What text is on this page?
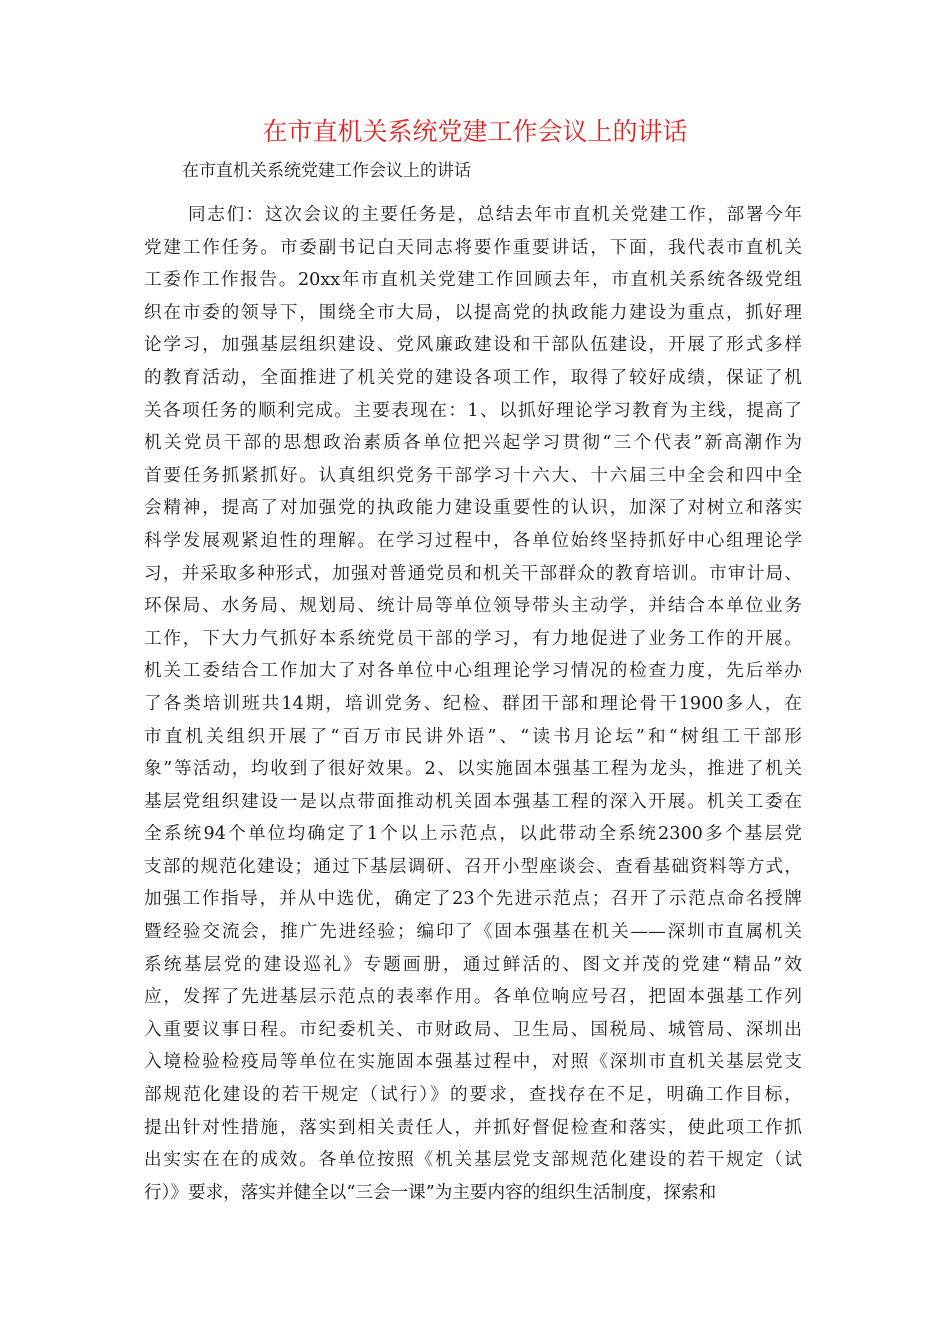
在市直机关系统党建工作会议上的讲话

在市直机关系统党建工作会议上的讲话

同志们：这次会议的主要任务是，总结去年市直机关党建工作，部署今年
党建工作任务。市委副书记白天同志将要作重要讲话，下面，我代表市直机关
工委作工作报告。20xx年市直机关党建工作回顾去年，市直机关系统各级党组
织在市委的领导下，围绕全市大局，以提高党的执政能力建设为重点，抓好理
论学习，加强基层组织建设、党风廉政建设和干部队伍建设，开展了形式多样
的教育活动，全面推进了机关党的建设各项工作，取得了较好成绩，保证了机
关各项任务的顺利完成。主要表现在：1、以抓好理论学习教育为主线，提高了
机关党员干部的思想政治素质各单位把兴起学习贯彻“三个代表”新高潮作为
首要任务抓紧抓好。认真组织党务干部学习十六大、十六届三中全会和四中全
会精神，提高了对加强党的执政能力建设重要性的认识，加深了对树立和落实
科学发展观紧迫性的理解。在学习过程中，各单位始终坚持抓好中心组理论学
习，并采取多种形式，加强对普通党员和机关干部群众的教育培训。市审计局、
环保局、水务局、规划局、统计局等单位领导带头主动学，并结合本单位业务
工作，下大力气抓好本系统党员干部的学习，有力地促进了业务工作的开展。
机关工委结合工作加大了对各单位中心组理论学习情况的检查力度，先后举办
了各类培训班共14期，培训党务、纪检、群团干部和理论骨干1900多人，在
市直机关组织开展了“百万市民讲外语”、“读书月论坛”和“树组工干部形
象”等活动，均收到了很好效果。2、以实施固本强基工程为龙头，推进了机关
基层党组织建设一是以点带面推动机关固本强基工程的深入开展。机关工委在
全系统94个单位均确定了1个以上示范点，以此带动全系统2300多个基层党
支部的规范化建设；通过下基层调研、召开小型座谈会、查看基础资料等方式，
加强工作指导，并从中选优，确定了23个先进示范点；召开了示范点命名授牌
暨经验交流会，推广先进经验；编印了《固本强基在机关——深圳市直属机关
系统基层党的建设巡礼》专题画册，通过鲜活的、图文并茂的党建“精品”效
应，发挥了先进基层示范点的表率作用。各单位响应号召，把固本强基工作列
入重要议事日程。市纪委机关、市财政局、卫生局、国税局、城管局、深圳出
入境检验检疫局等单位在实施固本强基过程中，对照《深圳市直机关基层党支
部规范化建设的若干规定（试行）》的要求，查找存在不足，明确工作目标，
提出针对性措施，落实到相关责任人，并抓好督促检查和落实，使此项工作抓
出实实在在的成效。各单位按照《机关基层党支部规范化建设的若干规定（试
行）》要求，落实并健全以“三会一课”为主要内容的组织生活制度，探索和
